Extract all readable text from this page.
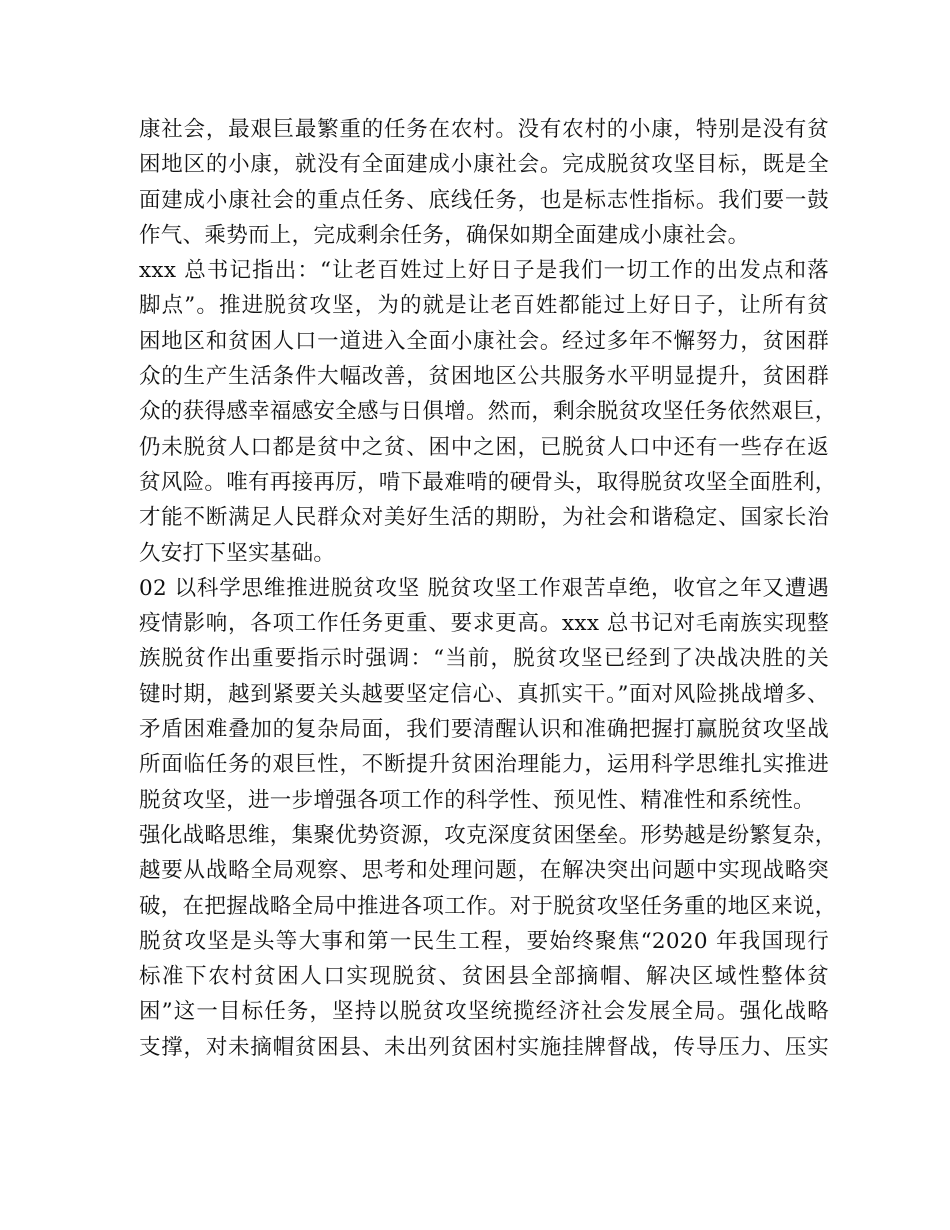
康社会，最艰巨最繁重的任务在农村。没有农村的小康，特别是没有贫
困地区的小康，就没有全面建成小康社会。完成脱贫攻坚目标，既是全
面建成小康社会的重点任务、底线任务，也是标志性指标。我们要一鼓
作气、乘势而上，完成剩余任务，确保如期全面建成小康社会。
xxx 总书记指出：“让老百姓过上好日子是我们一切工作的出发点和落
脚点”。推进脱贫攻坚，为的就是让老百姓都能过上好日子，让所有贫
困地区和贫困人口一道进入全面小康社会。经过多年不懈努力，贫困群
众的生产生活条件大幅改善，贫困地区公共服务水平明显提升，贫困群
众的获得感幸福感安全感与日俱增。然而，剩余脱贫攻坚任务依然艰巨，
仍未脱贫人口都是贫中之贫、困中之困，已脱贫人口中还有一些存在返
贫风险。唯有再接再厉，啃下最难啃的硬骨头，取得脱贫攻坚全面胜利，
才能不断满足人民群众对美好生活的期盼，为社会和谐稳定、国家长治
久安打下坚实基础。
02 以科学思维推进脱贫攻坚 脱贫攻坚工作艰苦卓绝，收官之年又遭遇
疫情影响，各项工作任务更重、要求更高。xxx 总书记对毛南族实现整
族脱贫作出重要指示时强调：“当前，脱贫攻坚已经到了决战决胜的关
键时期，越到紧要关头越要坚定信心、真抓实干。”面对风险挑战增多、
矛盾困难叠加的复杂局面，我们要清醒认识和准确把握打赢脱贫攻坚战
所面临任务的艰巨性，不断提升贫困治理能力，运用科学思维扎实推进
脱贫攻坚，进一步增强各项工作的科学性、预见性、精准性和系统性。
强化战略思维，集聚优势资源，攻克深度贫困堡垒。形势越是纷繁复杂，
越要从战略全局观察、思考和处理问题，在解决突出问题中实现战略突
破，在把握战略全局中推进各项工作。对于脱贫攻坚任务重的地区来说，
脱贫攻坚是头等大事和第一民生工程，要始终聚焦“2020 年我国现行
标准下农村贫困人口实现脱贫、贫困县全部摘帽、解决区域性整体贫
困”这一目标任务，坚持以脱贫攻坚统揽经济社会发展全局。强化战略
支撑，对未摘帽贫困县、未出列贫困村实施挂牌督战，传导压力、压实
